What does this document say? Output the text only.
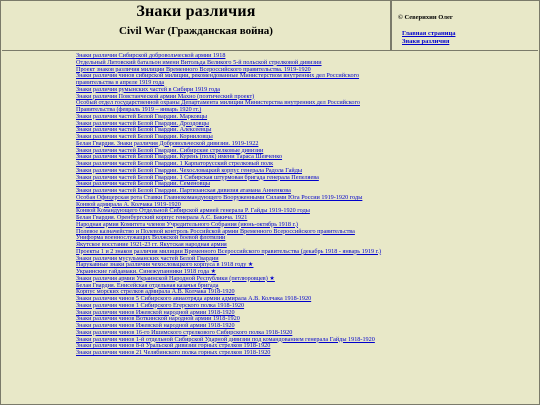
Знаки различия
Civil War (Гражданская война)
© Северихин Олег
Главная страница
Знаки различия
Знаки различия Сибирской добровольческой армии 1918
Отдельный Литовский батальон имени Витольда Великого 5-й польской стрелковой дивизии
Проект знаков различия милиции Временного Всероссийского правительства. 1919-1920
Знаки различия чинов сибирской милиции, рекомендованные Министерством внутренних дел Российского правительства в апреле 1919 года
Знаки различия румынских частей в Сибири 1919 года
Знаки различия Повстанческой армии Махно (поэтический проект)
Особый отдел государственной охраны Департамента милиции Министерства внутренних дел Российского Правительства (февраль 1919 – январь 1920 гг.)
Знаки различия частей Белой Гвардии. Марковцы
Знаки различия частей Белой Гвардии. Дроздовцы
Знаки различия частей Белой Гвардии. Алексеевцы
Знаки различия частей Белой Гвардии. Корниловцы
Белая Гвардия. Знаки различия Добровольческой дивизии. 1919-1922
Знаки различия частей Белой Гвардии. Сибирские стрелковые дивизии
Знаки различия частей Белой Гвардии. Курень (полк) имени Тараса Шевченко
Знаки различия частей Белой Гвардии. 1 Карпаторусский стрелковый полк
Знаки различия частей Белой Гвардии. Чехословацкий корпус генерала Радола Гайды
Знаки различия частей Белой Гвардии. 1 Сибирская штурмовая бригада генерала Пепеляева
Знаки различия частей Белой Гвардии. Семеновцы
Знаки различия частей Белой Гвардии. Партизанская дивизия атамана Анненкова
Особая Офицерская рота Ставки Главнокомандующего Вооруженными Силами Юга России 1919-1920 годы
Конвой адмирала А. Колчака 1919-1920
Конвой Командующего Отдельной Сибирской армией генерала Р. Гайды 1919-1920 годы
Белая Гвардия. Оренбургский корпус генерала А.С. Бакича. 1921
Народная армия Комитета членов Учредительного Собрания (июнь-октябрь 1918 г.)
Полевое казначейство и Полевой контроль Российской армии Временного Всероссийского правительства
Униформа военнослужащих Волжской боевой флотилии
Якутское восстание 1921-23 гг. Якутская народная армия
Проекты 1 и 2 знаков различия милиции Временного Всероссийского правительства (декабрь 1918 - январь 1919 г.)
Знаки различия мусульманских частей Белой Гвардии
Нарукавные знаки различия чехословацкого корпуса в 1918 году ★
Украинские гайдамаки. Синежупанники 1918 года ★
Знаки различия армии Украинской Народной Республики (петлюровцев) ★
Белая Гвардия. Енисейская отдельная казачья бригада
Корпус морских стрелков адмирала А.В. Колчака 1918-1920
Знаки различия чинов 5 Сибирского авиаотряда армии адмирала А.В. Колчака 1918-1920
Знаки различия чинов 1 Сибирского Егерского полка 1918-1920
Знаки различия чинов Ижевской народной армии 1918-1920
Знаки различия чинов Воткинской народной армии 1918-1920
Знаки различия чинов Ижевской народной армии 1918-1920
Знаки различия чинов 16-го Ишимского стрелкового Сибирского полка 1918-1920
Знаки различия чинов 1-й отдельной Сибирской Ударной дивизии под командованием генерала Гайды 1918-1920
Знаки различия чинов 8-й Уральской дивизии горных стрелков 1918-1920
Знаки различия чинов 21 Челябинского полка горных стрелков 1918-1920
